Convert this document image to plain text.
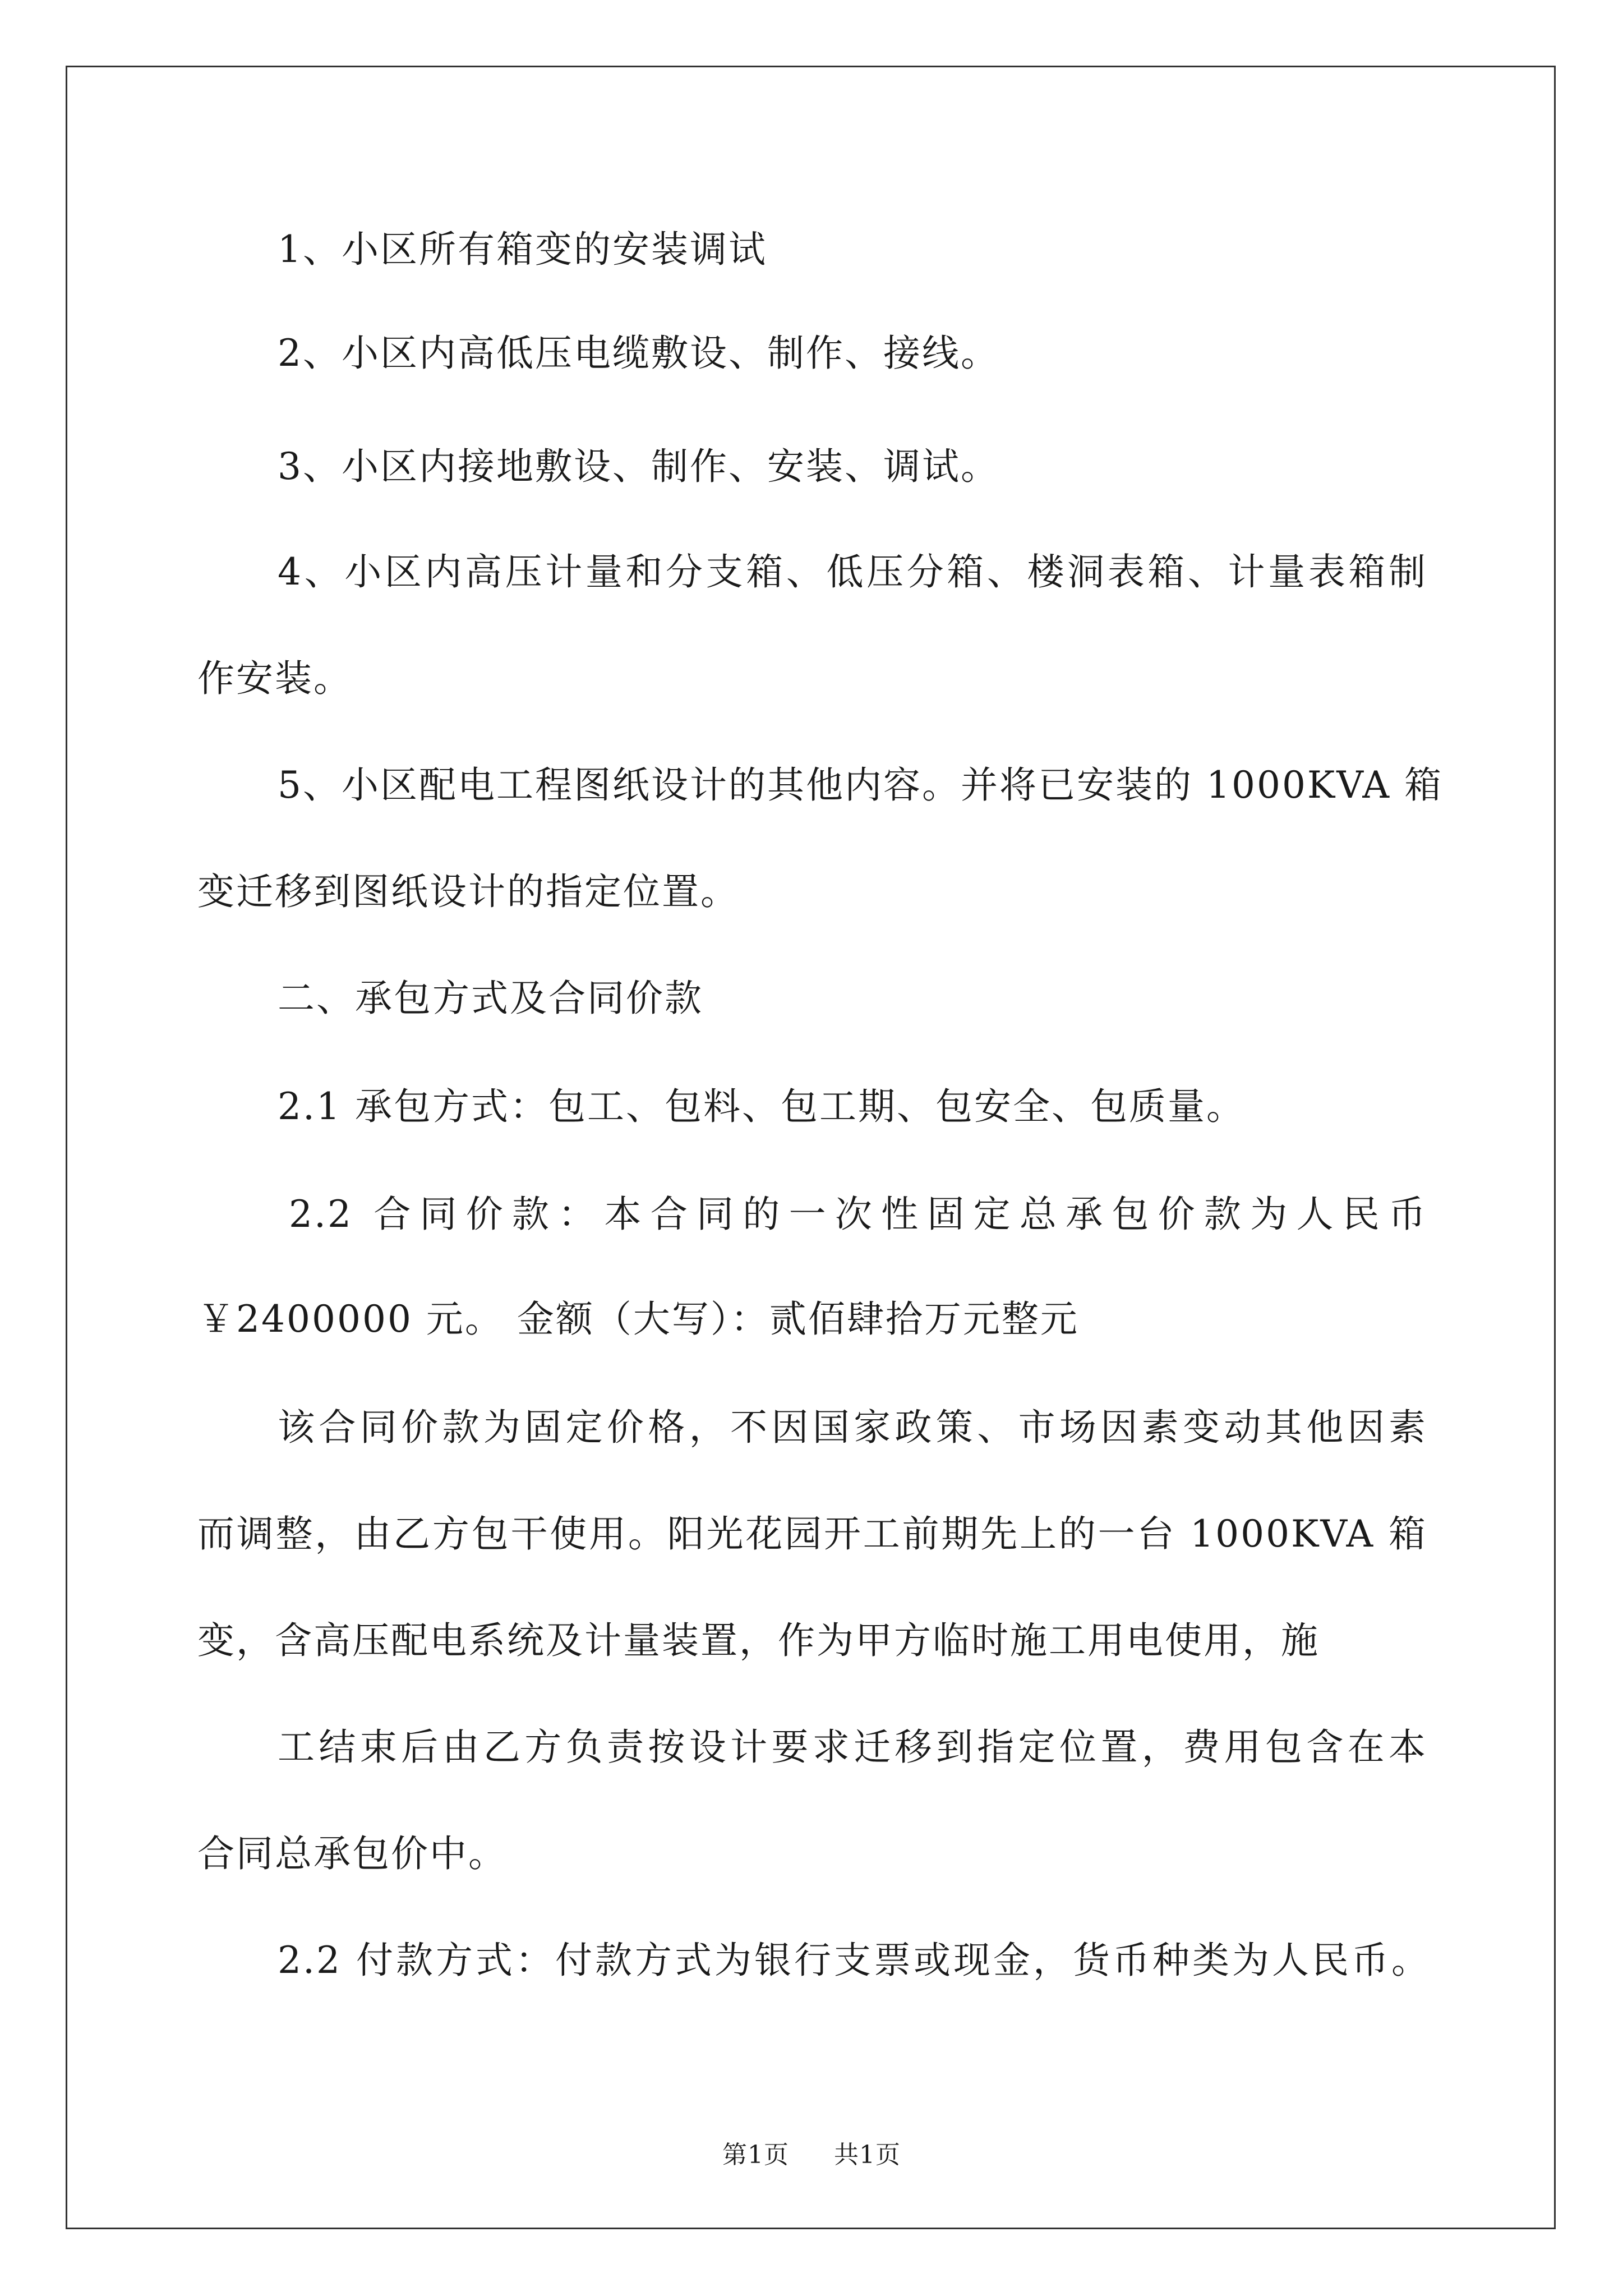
1、小区所有箱变的安装调试
2、小区内高低压电缆敷设、制作、接线。
3、小区内接地敷设、制作、安装、调试。
4、小区内高压计量和分支箱、低压分箱、楼洞表箱、计量表箱制
作安装。
5、小区配电工程图纸设计的其他内容。并将已安装的 1000KVA 箱
变迁移到图纸设计的指定位置。
二、承包方式及合同价款
2.1 承包方式：包工、包料、包工期、包安全、包质量。
2.2 合同价款：本合同的一次性固定总承包价款为人民币
￥2400000 元。 金额（大写）：贰佰肆拾万元整元
该合同价款为固定价格，不因国家政策、市场因素变动其他因素
而调整，由乙方包干使用。阳光花园开工前期先上的一台 1000KVA 箱
变，含高压配电系统及计量装置，作为甲方临时施工用电使用，施
工结束后由乙方负责按设计要求迁移到指定位置，费用包含在本
合同总承包价中。
2.2 付款方式：付款方式为银行支票或现金，货币种类为人民币。
第1页 共1页
